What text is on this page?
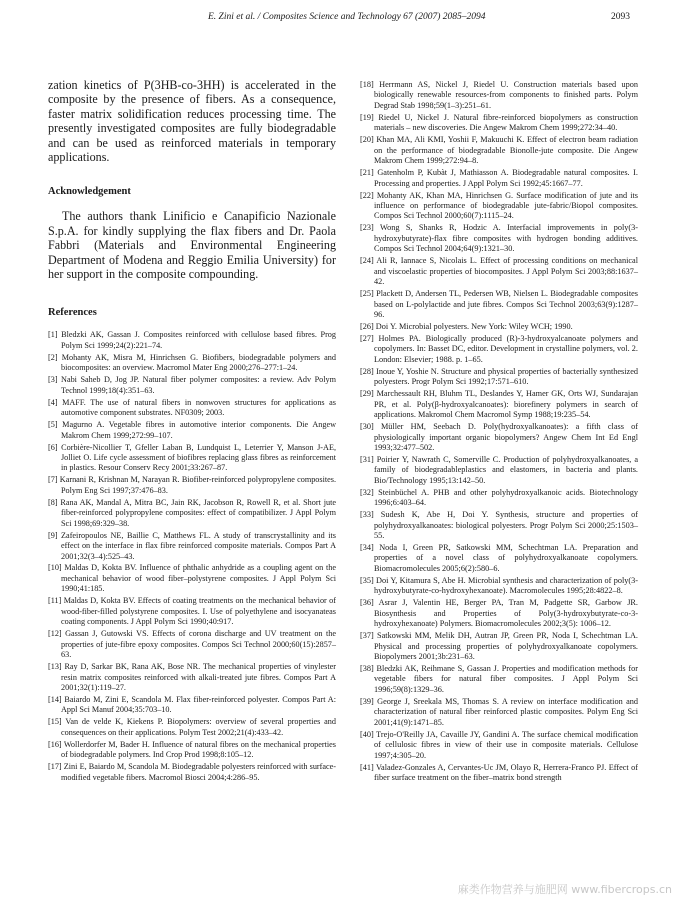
E. Zini et al. / Composites Science and Technology 67 (2007) 2085–2094	2093

zation kinetics of P(3HB-co-3HH) is accelerated in the composite by the presence of fibers. As a consequence, faster matrix solidification reduces processing time. The presently investigated composites are fully biodegradable and can be used as reinforced materials in temporary applications.

Acknowledgement

The authors thank Linificio e Canapificio Nazionale S.p.A. for kindly supplying the flax fibers and Dr. Paola Fabbri (Materials and Environmental Engineering Department of Modena and Reggio Emilia University) for her support in the composite compounding.

References
[1] Bledzki AK, Gassan J. Composites reinforced with cellulose based fibres. Prog Polym Sci 1999;24(2):221–74.
[2] Mohanty AK, Misra M, Hinrichsen G. Biofibers, biodegradable polymers and biocomposites: an overview. Macromol Mater Eng 2000;276–277:1–24.
[3] Nabi Saheb D, Jog JP. Natural fiber polymer composites: a review. Adv Polym Technol 1999;18(4):351–63.
[4] MAFF. The use of natural fibers in nonwoven structures for applications as automotive component substrates. NF0309; 2003.
[5] Magurno A. Vegetable fibres in automotive interior components. Die Angew Makrom Chem 1999;272:99–107.
[6] Corbière-Nicollier T, Gfeller Laban B, Lundquist L, Leterrier Y, Manson J-AE, Jolliet O. Life cycle assessment of biofibres replacing glass fibres as reinforcement in plastics. Resour Conserv Recy 2001;33:267–87.
[7] Karnani R, Krishnan M, Narayan R. Biofiber-reinforced polypropylene composites. Polym Eng Sci 1997;37:476–83.
[8] Rana AK, Mandal A, Mitra BC, Jain RK, Jacobson R, Rowell R, et al. Short jute fiber-reinforced polypropylene composites: effect of compatibilizer. J Appl Polym Sci 1998;69:329–38.
[9] Zafeiropoulos NE, Baillie C, Matthews FL. A study of transcrystallinity and its effect on the interface in flax fibre reinforced composite materials. Compos Part A 2001;32(3–4):525–43.
[10] Maldas D, Kokta BV. Influence of phthalic anhydride as a coupling agent on the mechanical behavior of wood fiber–polystyrene composites. J Appl Polym Sci 1990;41:185.
[11] Maldas D, Kokta BV. Effects of coating treatments on the mechanical behavior of wood-fiber-filled polystyrene composites. I. Use of polyethylene and isocyanateas coating components. J Appl Polym Sci 1990;40:917.
[12] Gassan J, Gutowski VS. Effects of corona discharge and UV treatment on the properties of jute-fibre epoxy composites. Compos Sci Technol 2000;60(15):2857–63.
[13] Ray D, Sarkar BK, Rana AK, Bose NR. The mechanical properties of vinylester resin matrix composites reinforced with alkali-treated jute fibres. Compos Part A 2001;32(1):119–27.
[14] Baiardo M, Zini E, Scandola M. Flax fiber-reinforced polyester. Compos Part A: Appl Sci Manuf 2004;35:703–10.
[15] Van de velde K, Kiekens P. Biopolymers: overview of several properties and consequences on their applications. Polym Test 2002;21(4):433–42.
[16] Wollerdorfer M, Bader H. Influence of natural fibres on the mechanical properties of biodegradable polymers. Ind Crop Prod 1998;8:105–12.
[17] Zini E, Baiardo M, Scandola M. Biodegradable polyesters reinforced with surface-modified vegetable fibers. Macromol Biosci 2004;4:286–95.
[18] Herrmann AS, Nickel J, Riedel U. Construction materials based upon biologically renewable resources-from components to finished parts. Polym Degrad Stab 1998;59(1–3):251–61.
[19] Riedel U, Nickel J. Natural fibre-reinforced biopolymers as construction materials – new discoveries. Die Angew Makrom Chem 1999;272:34–40.
[20] Khan MA, Ali KMI, Yoshii F, Makuuchi K. Effect of electron beam radiation on the performance of biodegradable Bionolle-jute composite. Die Angew Makrom Chem 1999;272:94–8.
[21] Gatenholm P, Kubàt J, Mathiasson A. Biodegradable natural composites. I. Processing and properties. J Appl Polym Sci 1992;45:1667–77.
[22] Mohanty AK, Khan MA, Hinrichsen G. Surface modification of jute and its influence on performance of biodegradable jute-fabric/Biopol composites. Compos Sci Technol 2000;60(7):1115–24.
[23] Wong S, Shanks R, Hodzic A. Interfacial improvements in poly(3-hydroxybutyrate)-flax fibre composites with hydrogen bonding additives. Compos Sci Technol 2004;64(9):1321–30.
[24] Ali R, Iannace S, Nicolais L. Effect of processing conditions on mechanical and viscoelastic properties of biocomposites. J Appl Polym Sci 2003;88:1637–42.
[25] Plackett D, Andersen TL, Pedersen WB, Nielsen L. Biodegradable composites based on L-polylactide and jute fibres. Compos Sci Technol 2003;63(9):1287–96.
[26] Doi Y. Microbial polyesters. New York: Wiley WCH; 1990.
[27] Holmes PA. Biologically produced (R)-3-hydroxyalcanoate polymers and copolymers. In: Basset DC, editor. Development in crystalline polymers, vol. 2. London: Elsevier; 1988. p. 1–65.
[28] Inoue Y, Yoshie N. Structure and physical properties of bacterially synthesized polyesters. Progr Polym Sci 1992;17:571–610.
[29] Marchessault RH, Bluhm TL, Deslandes Y, Hamer GK, Orts WJ, Sundarajan PR, et al. Poly(β-hydroxyalcanoates): biorefinery polymers in search of applications. Makromol Chem Macromol Symp 1988;19:235–54.
[30] Müller HM, Seebach D. Poly(hydroxyalkanoates): a fifth class of physiologically important organic biopolymers? Angew Chem Int Ed Engl 1993;32:477–502.
[31] Poirier Y, Nawrath C, Somerville C. Production of polyhydroxyalkanoates, a family of biodegradableplastics and elastomers, in bacteria and plants. Bio/Technology 1995;13:142–50.
[32] Steinbüchel A. PHB and other polyhydroxyalkanoic acids. Biotechnology 1996;6:403–64.
[33] Sudesh K, Abe H, Doi Y. Synthesis, structure and properties of polyhydroxyalkanoates: biological polyesters. Progr Polym Sci 2000;25:1503–55.
[34] Noda I, Green PR, Satkowski MM, Schechtman LA. Preparation and properties of a novel class of polyhydroxyalkanoate copolymers. Biomacromolecules 2005;6(2):580–6.
[35] Doi Y, Kitamura S, Abe H. Microbial synthesis and characterization of poly(3-hydroxybutyrate-co-hydroxyhexanoate). Macromolecules 1995;28:4822–8.
[36] Asrar J, Valentin HE, Berger PA, Tran M, Padgette SR, Garbow JR. Biosynthesis and Properties of Poly(3-hydroxybutyrate-co-3-hydroxyhexanoate) Polymers. Biomacromolecules 2002;3(5): 1006–12.
[37] Satkowski MM, Melik DH, Autran JP, Green PR, Noda I, Schechtman LA. Physical and processing properties of polyhydroxyalkanoate copolymers. Biopolymers 2001;3b:231–63.
[38] Bledzki AK, Reihmane S, Gassan J. Properties and modification methods for vegetable fibers for natural fiber composites. J Appl Polym Sci 1996;59(8):1329–36.
[39] George J, Sreekala MS, Thomas S. A review on interface modification and characterization of natural fiber reinforced plastic composites. Polym Eng Sci 2001;41(9):1471–85.
[40] Trejo-O'Reilly JA, Cavaille JY, Gandini A. The surface chemical modification of cellulosic fibres in view of their use in composite materials. Cellulose 1997;4:305–20.
[41] Valadez-Gonzales A, Cervantes-Uc JM, Olayo R, Herrera-Franco PJ. Effect of fiber surface treatment on the fiber–matrix bond strength
麻类作物营养与施肥网 www.fibercrops.cn
